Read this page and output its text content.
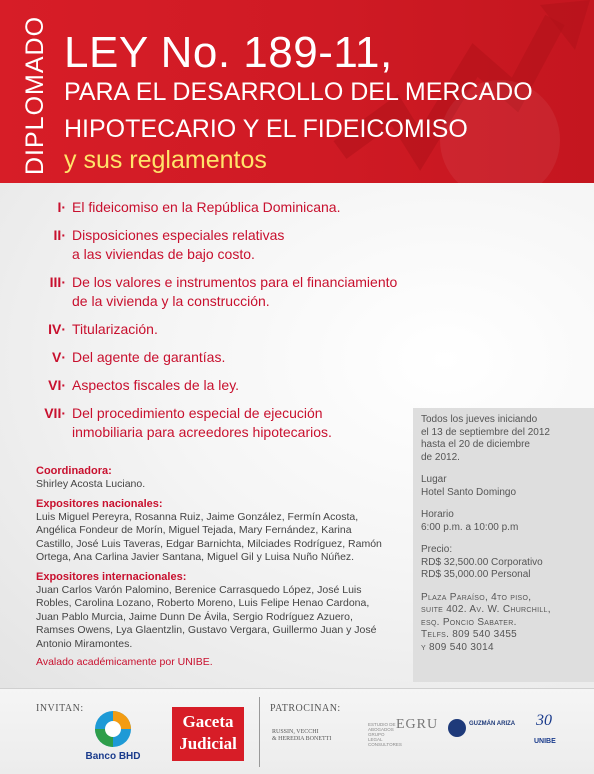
DIPLOMADO LEY No. 189-11,
PARA EL DESARROLLO DEL MERCADO
HIPOTECARIO Y EL FIDEICOMISO
y sus reglamentos
I· El fideicomiso en la República Dominicana.
II· Disposiciones especiales relativas
a las viviendas de bajo costo.
III· De los valores e instrumentos para el financiamiento
de la vivienda y la construcción.
IV· Titularización.
V· Del agente de garantías.
VI· Aspectos fiscales de la ley.
VII· Del procedimiento especial de ejecución
inmobiliaria para acreedores hipotecarios.
Coordinadora:

Shirley Acosta Luciano.

Expositores nacionales:

Luis Miguel Pereyra, Rosanna Ruiz, Jaime González, Fermín Acosta, Angélica Fondeur de Morín, Miguel Tejada, Mary Fernández, Karina Castillo, José Luis Taveras, Edgar Barnichta, Milciades Rodríguez, Ramón Ortega, Ana Carlina Javier Santana, Miguel Gil y Luisa Nuño Núñez.

Expositores internacionales:

Juan Carlos Varón Palomino, Berenice Carrasquedo López, José Luis Robles, Carolina Lozano, Roberto Moreno, Luis Felipe Henao Cardona, Juan Pablo Murcia, Jaime Dunn De Ávila, Sergio Rodríguez Azuero, Ramses Owens, Lya Glaentzlin, Gustavo Vergara, Guillermo Juan y José Antonio Miramontes.

Avalado académicamente por UNIBE.
Todos los jueves iniciando
el 13 de septiembre del 2012
hasta el 20 de diciembre
de 2012.
Lugar
Hotel Santo Domingo
Horario
6:00 p.m. a 10:00 p.m
Precio:
RD$ 32,500.00 Corporativo
RD$ 35,000.00 Personal
Plaza Paraíso, 4to piso,
suite 402. Av. W. Churchill,
esq. Poncio Sabater.
Telfs. 809 540 3455
y 809 540 3014
INVITAN:
Banco BHD
Gaceta
Judicial
PATROCINAN:
RUSSIN, VECCHI
& HEREDIA BONETTI
ESTUDIO DE ABOGADOS
GRUPO LEGAL
CONSULTORES
EGRU	GUZMÁN ARIZA 30
UNIBE
